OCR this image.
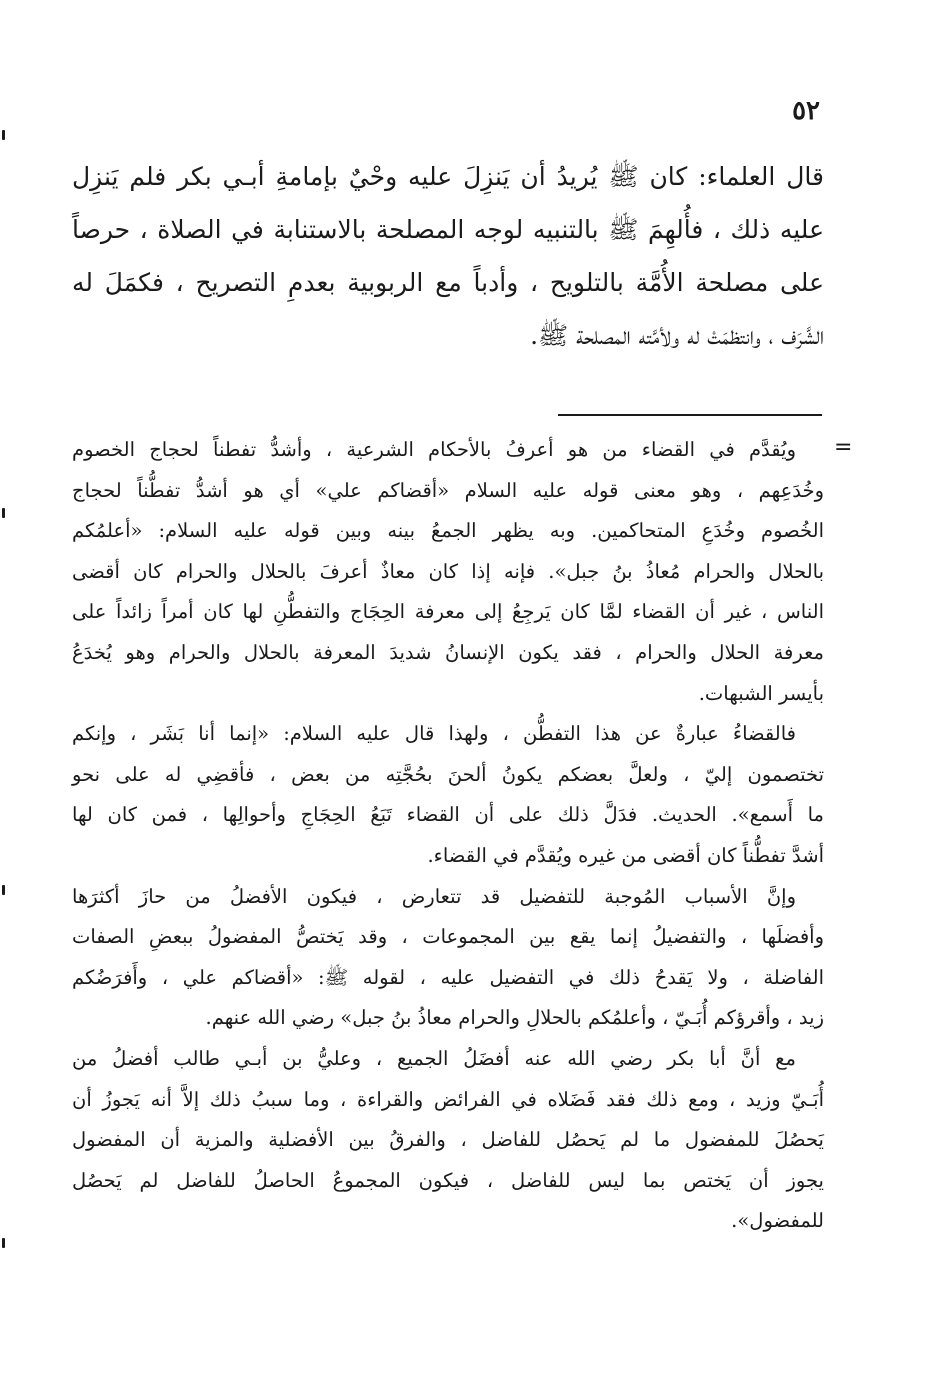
٥٢
قال العلماء: كان ﷺ يُريدُ أن يَنزِلَ عليه وحْيٌ بإمامةِ أبـي بكر فلم يَنزِل
عليه ذلك ، فأُلهِمَ ﷺ بالتنبيه لوجه المصلحة بالاستنابة في الصلاة ، حرصاً
على مصلحة الأُمَّة بالتلويح ، وأدباً مع الربوبية بعدمِ التصريح ، فكمَلَ له
الشَّرَف ، وانتظمَتْ له ولأمَّته المصلحة ﷺ.
=
ويُقدَّم في القضاء من هو أعرفُ بالأحكام الشرعية ، وأشدُّ تفطناً لحجاج الخصوم
وخُدَعِهم ، وهو معنى قوله عليه السلام «أقضاكم علي» أي هو أشدُّ تفطُّناً لحجاج
الخُصوم وخُدَعِ المتحاكمين. وبه يظهر الجمعُ بينه وبين قوله عليه السلام: «أعلمُكم
بالحلال والحرام مُعاذُ بنُ جبل». فإنه إذا كان معاذٌ أعرفَ بالحلال والحرام كان أقضى
الناس ، غير أن القضاء لمَّا كان يَرجِعُ إلى معرفة الحِجَاج والتفطُّنِ لها كان أمراً زائداً على
معرفة الحلال والحرام ، فقد يكون الإنسانُ شديدَ المعرفة بالحلال والحرام وهو يُخدَعُ
بأيسر الشبهات.
فالقضاءُ عبارةٌ عن هذا التفطُّن ، ولهذا قال عليه السلام: «إنما أنا بَشَر ، وإنكم
تختصمون إليّ ، ولعلَّ بعضكم يكونُ ألحنَ بحُجَّتِه من بعض ، فأقضِي له على نحو
ما أَسمع». الحديث. فدَلَّ ذلك على أن القضاء تَبَعُ الحِجَاجِ وأحوالِها ، فمن كان لها
أشدَّ تفطُّناً كان أقضى من غيره ويُقدَّم في القضاء.
وإنَّ الأسباب المُوجبة للتفضيل قد تتعارض ، فيكون الأفضلُ من حازَ أكثرَها
وأفضلَها ، والتفضيلُ إنما يقع بين المجموعات ، وقد يَختصُّ المفضولُ ببعضِ الصفات
الفاضلة ، ولا يَقدحُ ذلك في التفضيل عليه ، لقوله ﷺ: «أقضاكم علي ، وأَفرَضُكم
زيد ، وأقرؤكم أُبَـيّ ، وأعلمُكم بالحلالِ والحرام معاذُ بنُ جبل» رضي الله عنهم.
مع أنَّ أبا بكر رضي الله عنه أفضَلُ الجميع ، وعليُّ بن أبـي طالب أفضلُ من
أُبَـيّ وزيد ، ومع ذلك فقد فَضَلاه في الفرائض والقراءة ، وما سببُ ذلك إلاَّ أنه يَجوزُ أن
يَحصُلَ للمفضول ما لم يَحصُل للفاضل ، والفرقُ بين الأفضلية والمزية أن المفضول
يجوز أن يَختص بما ليس للفاضل ، فيكون المجموعُ الحاصلُ للفاضل لم يَحصُل
للمفضول».
